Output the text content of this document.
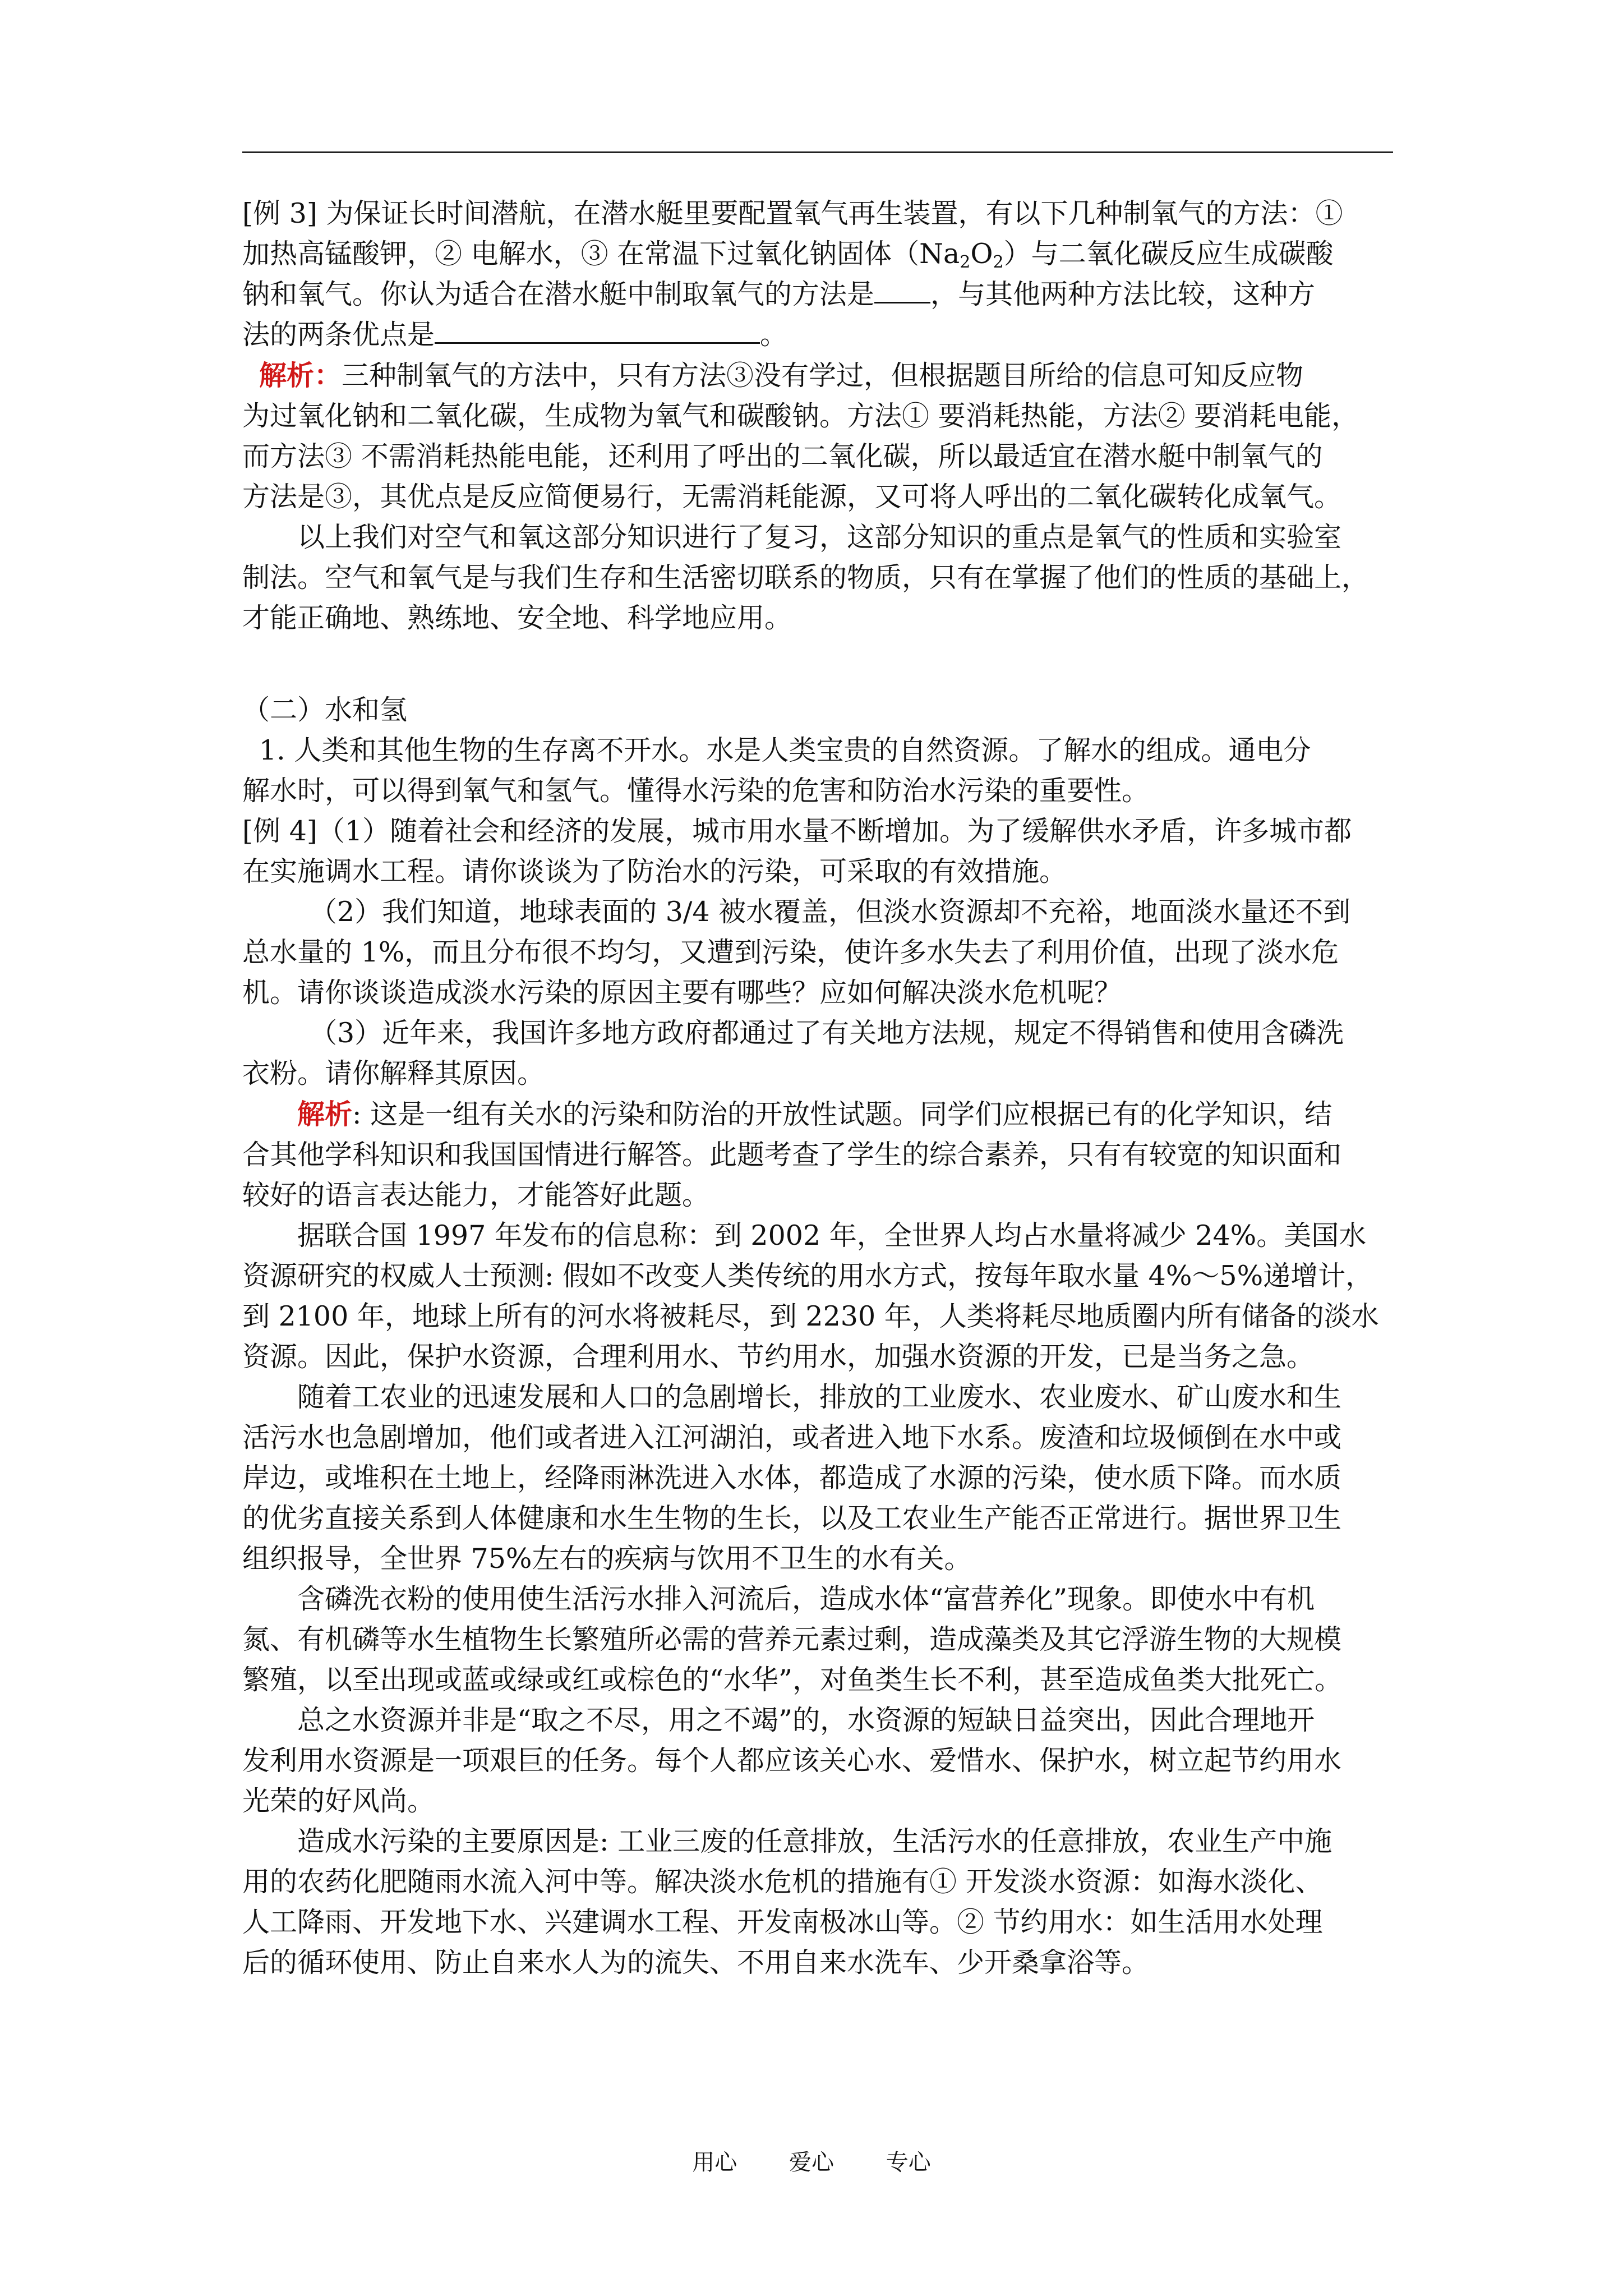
[例 3] 为保证长时间潜航，在潜水艇里要配置氧气再生装置，有以下几种制氧气的方法：①
加热高锰酸钾，② 电解水，③ 在常温下过氧化钠固体$(Na_2O_2)$与二氧化碳反应生成碳酸
钠和氧气。你认为适合在潜水艇中制取氧气的方法是 ，与其他两种方法比较，这种方
法的两条优点是	。
解析：三种制氧气的方法中，只有方法③没有学过，但根据题目所给的信息可知反应物
为过氧化钠和二氧化碳，生成物为氧气和碳酸钠。方法① 要消耗热能，方法② 要消耗电能，
而方法③ 不需消耗热能电能，还利用了呼出的二氧化碳，所以最适宜在潜水艇中制氧气的
方法是③，其优点是反应简便易行，无需消耗能源，又可将人呼出的二氧化碳转化成氧气。
以上我们对空气和氧这部分知识进行了复习，这部分知识的重点是氧气的性质和实验室
制法。空气和氧气是与我们生存和生活密切联系的物质，只有在掌握了他们的性质的基础上，
才能正确地、熟练地、安全地、科学地应用。
（二）水和氢
1. 人类和其他生物的生存离不开水。水是人类宝贵的自然资源。了解水的组成。通电分
解水时，可以得到氧气和氢气。懂得水污染的危害和防治水污染的重要性。
[例 4]（1）随着社会和经济的发展，城市用水量不断增加。为了缓解供水矛盾，许多城市都
在实施调水工程。请你谈谈为了防治水的污染，可采取的有效措施。
（2）我们知道，地球表面的 3/4 被水覆盖，但淡水资源却不充裕，地面淡水量还不到
总水量的 1%，而且分布很不均匀，又遭到污染，使许多水失去了利用价值，出现了淡水危
机。请你谈谈造成淡水污染的原因主要有哪些？应如何解决淡水危机呢？
（3）近年来，我国许多地方政府都通过了有关地方法规，规定不得销售和使用含磷洗
衣粉。请你解释其原因。
解析: 这是一组有关水的污染和防治的开放性试题。同学们应根据已有的化学知识，结
合其他学科知识和我国国情进行解答。此题考查了学生的综合素养，只有有较宽的知识面和
较好的语言表达能力，才能答好此题。
据联合国 1997 年发布的信息称：到 2002 年，全世界人均占水量将减少 24%。美国水
资源研究的权威人士预测: 假如不改变人类传统的用水方式，按每年取水量 4%～5%递增计，
到 2100 年，地球上所有的河水将被耗尽，到 2230 年，人类将耗尽地质圈内所有储备的淡水
资源。因此，保护水资源，合理利用水、节约用水，加强水资源的开发，已是当务之急。
随着工农业的迅速发展和人口的急剧增长，排放的工业废水、农业废水、矿山废水和生
活污水也急剧增加，他们或者进入江河湖泊，或者进入地下水系。废渣和垃圾倾倒在水中或
岸边，或堆积在土地上，经降雨淋洗进入水体，都造成了水源的污染，使水质下降。而水质
的优劣直接关系到人体健康和水生生物的生长，以及工农业生产能否正常进行。据世界卫生
组织报导，全世界 75%左右的疾病与饮用不卫生的水有关。
含磷洗衣粉的使用使生活污水排入河流后，造成水体“富营养化”现象。即使水中有机
氮、有机磷等水生植物生长繁殖所必需的营养元素过剩，造成藻类及其它浮游生物的大规模
繁殖，以至出现或蓝或绿或红或棕色的“水华”，对鱼类生长不利，甚至造成鱼类大批死亡。
总之水资源并非是“取之不尽，用之不竭”的，水资源的短缺日益突出，因此合理地开
发利用水资源是一项艰巨的任务。每个人都应该关心水、爱惜水、保护水，树立起节约用水
光荣的好风尚。
造成水污染的主要原因是: 工业三废的任意排放，生活污水的任意排放，农业生产中施
用的农药化肥随雨水流入河中等。解决淡水危机的措施有① 开发淡水资源：如海水淡化、
人工降雨、开发地下水、兴建调水工程、开发南极冰山等。② 节约用水：如生活用水处理
后的循环使用、防止自来水人为的流失、不用自来水洗车、少开桑拿浴等。
用心 爱心 专心
